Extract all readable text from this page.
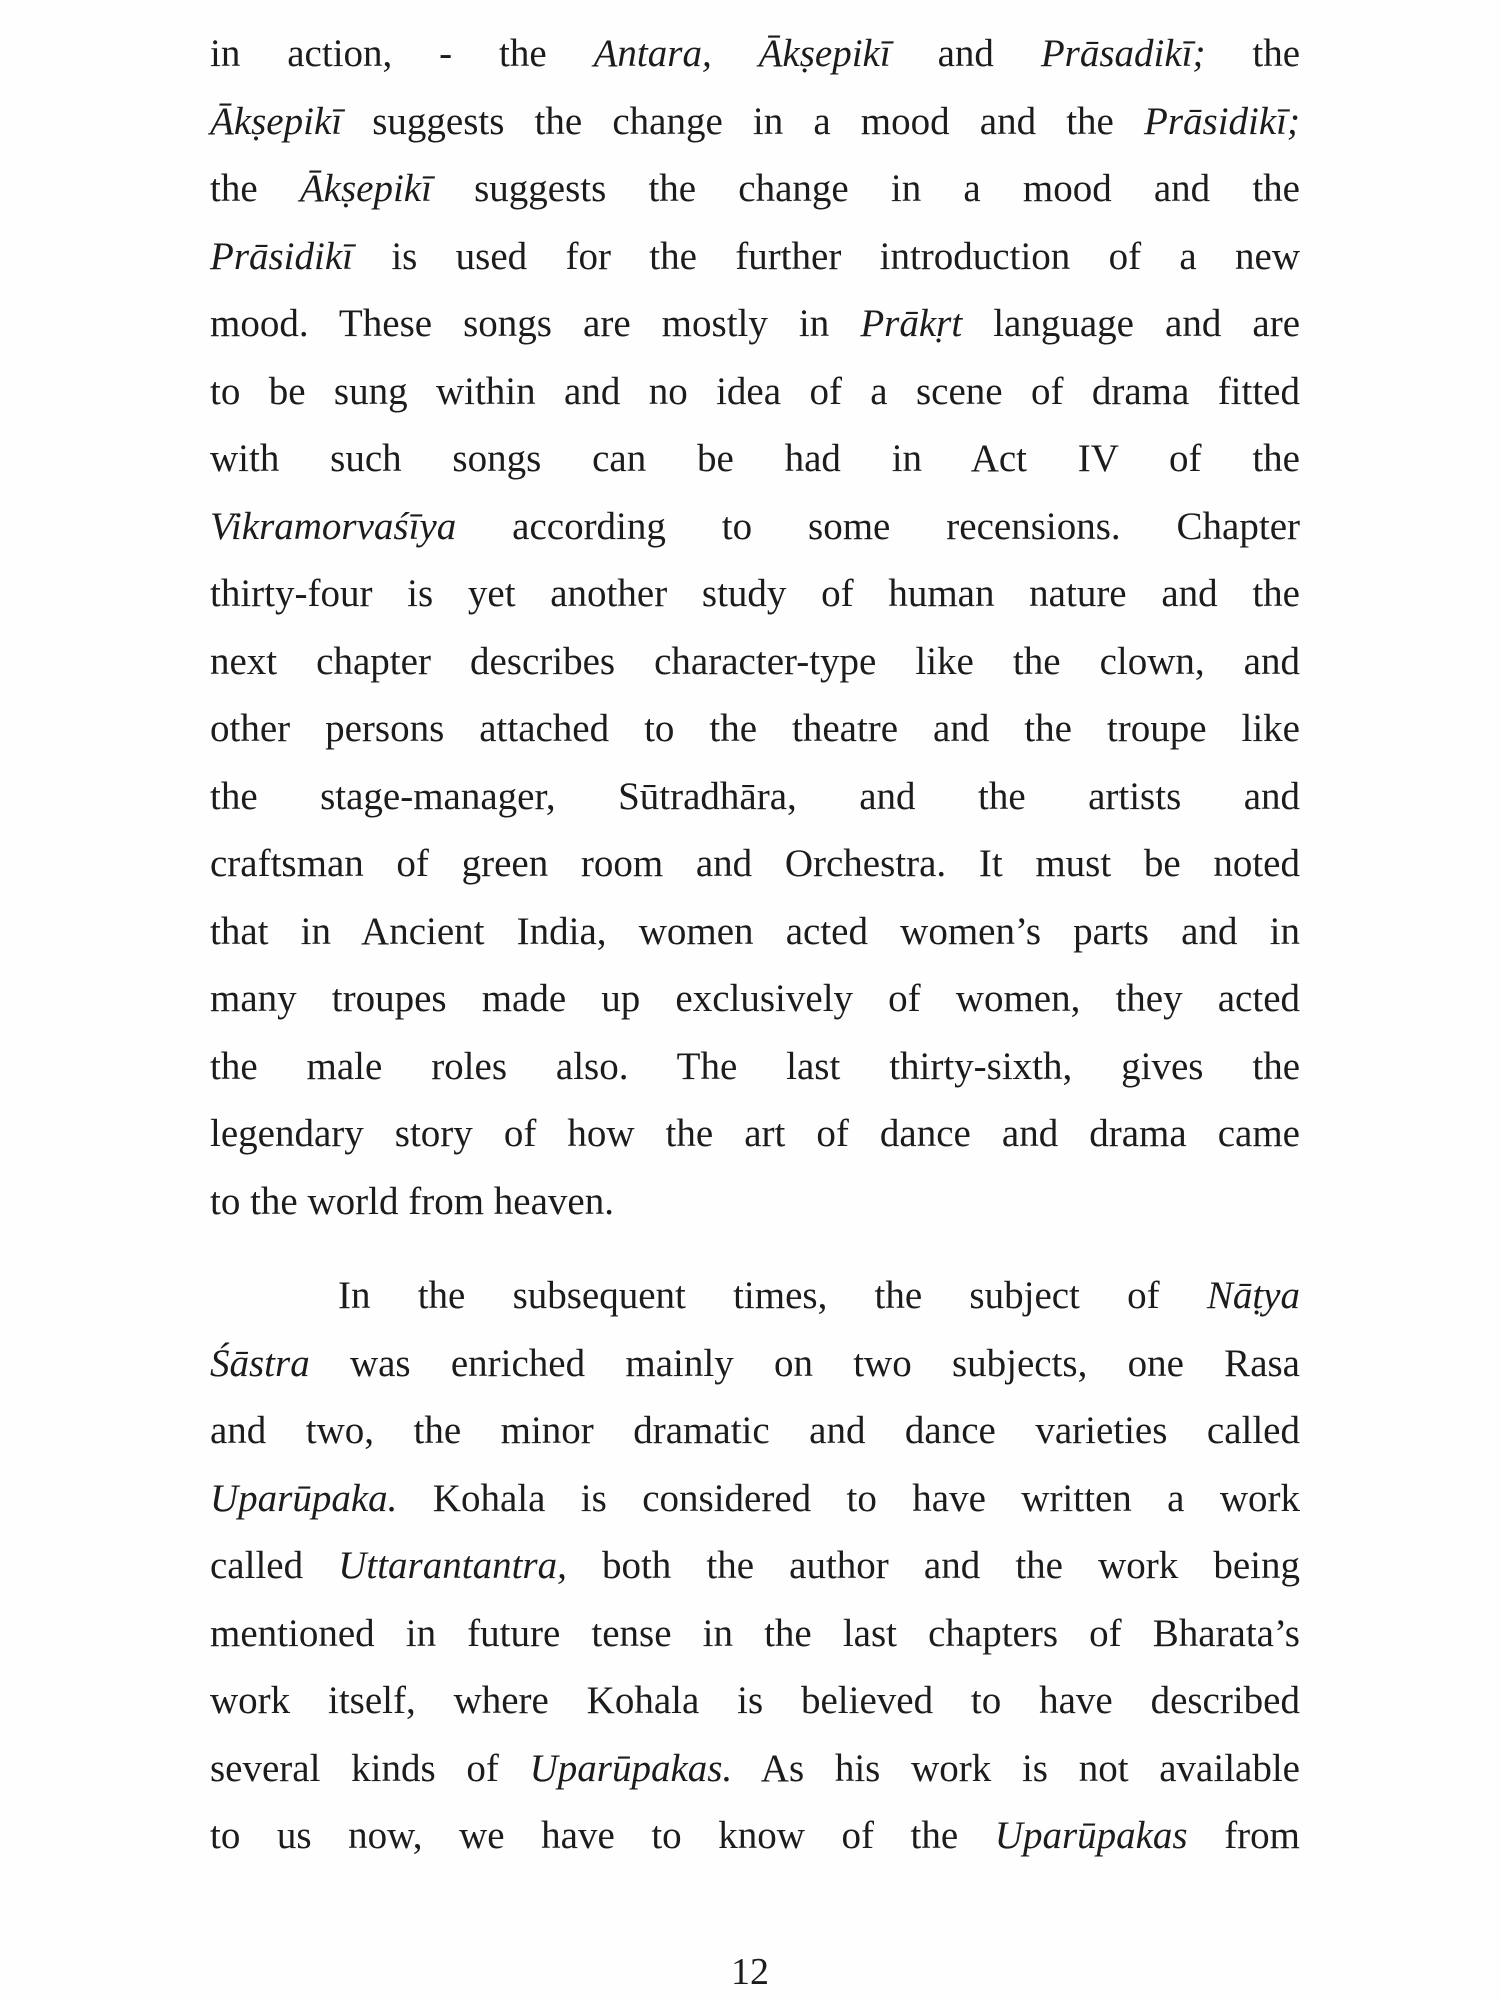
in action, - the Antara, Ākṣepikī and Prāsadikī; the
Ākṣepikī suggests the change in a mood and the Prāsidikī;
the Ākṣepikī suggests the change in a mood and the
Prāsidikī is used for the further introduction of a new
mood. These songs are mostly in Prākṛt language and are
to be sung within and no idea of a scene of drama fitted
with such songs can be had in Act IV of the
Vikramorvaśīya according to some recensions. Chapter
thirty-four is yet another study of human nature and the
next chapter describes character-type like the clown, and
other persons attached to the theatre and the troupe like
the stage-manager, Sūtradhāra, and the artists and
craftsman of green room and Orchestra. It must be noted
that in Ancient India, women acted women’s parts and in
many troupes made up exclusively of women, they acted
the male roles also. The last thirty-sixth, gives the
legendary story of how the art of dance and drama came
to the world from heaven.
In the subsequent times, the subject of Nāṭya
Śāstra was enriched mainly on two subjects, one Rasa
and two, the minor dramatic and dance varieties called
Uparūpaka. Kohala is considered to have written a work
called Uttarantantra, both the author and the work being
mentioned in future tense in the last chapters of Bharata’s
work itself, where Kohala is believed to have described
several kinds of Uparūpakas. As his work is not available
to us now, we have to know of the Uparūpakas from
12
